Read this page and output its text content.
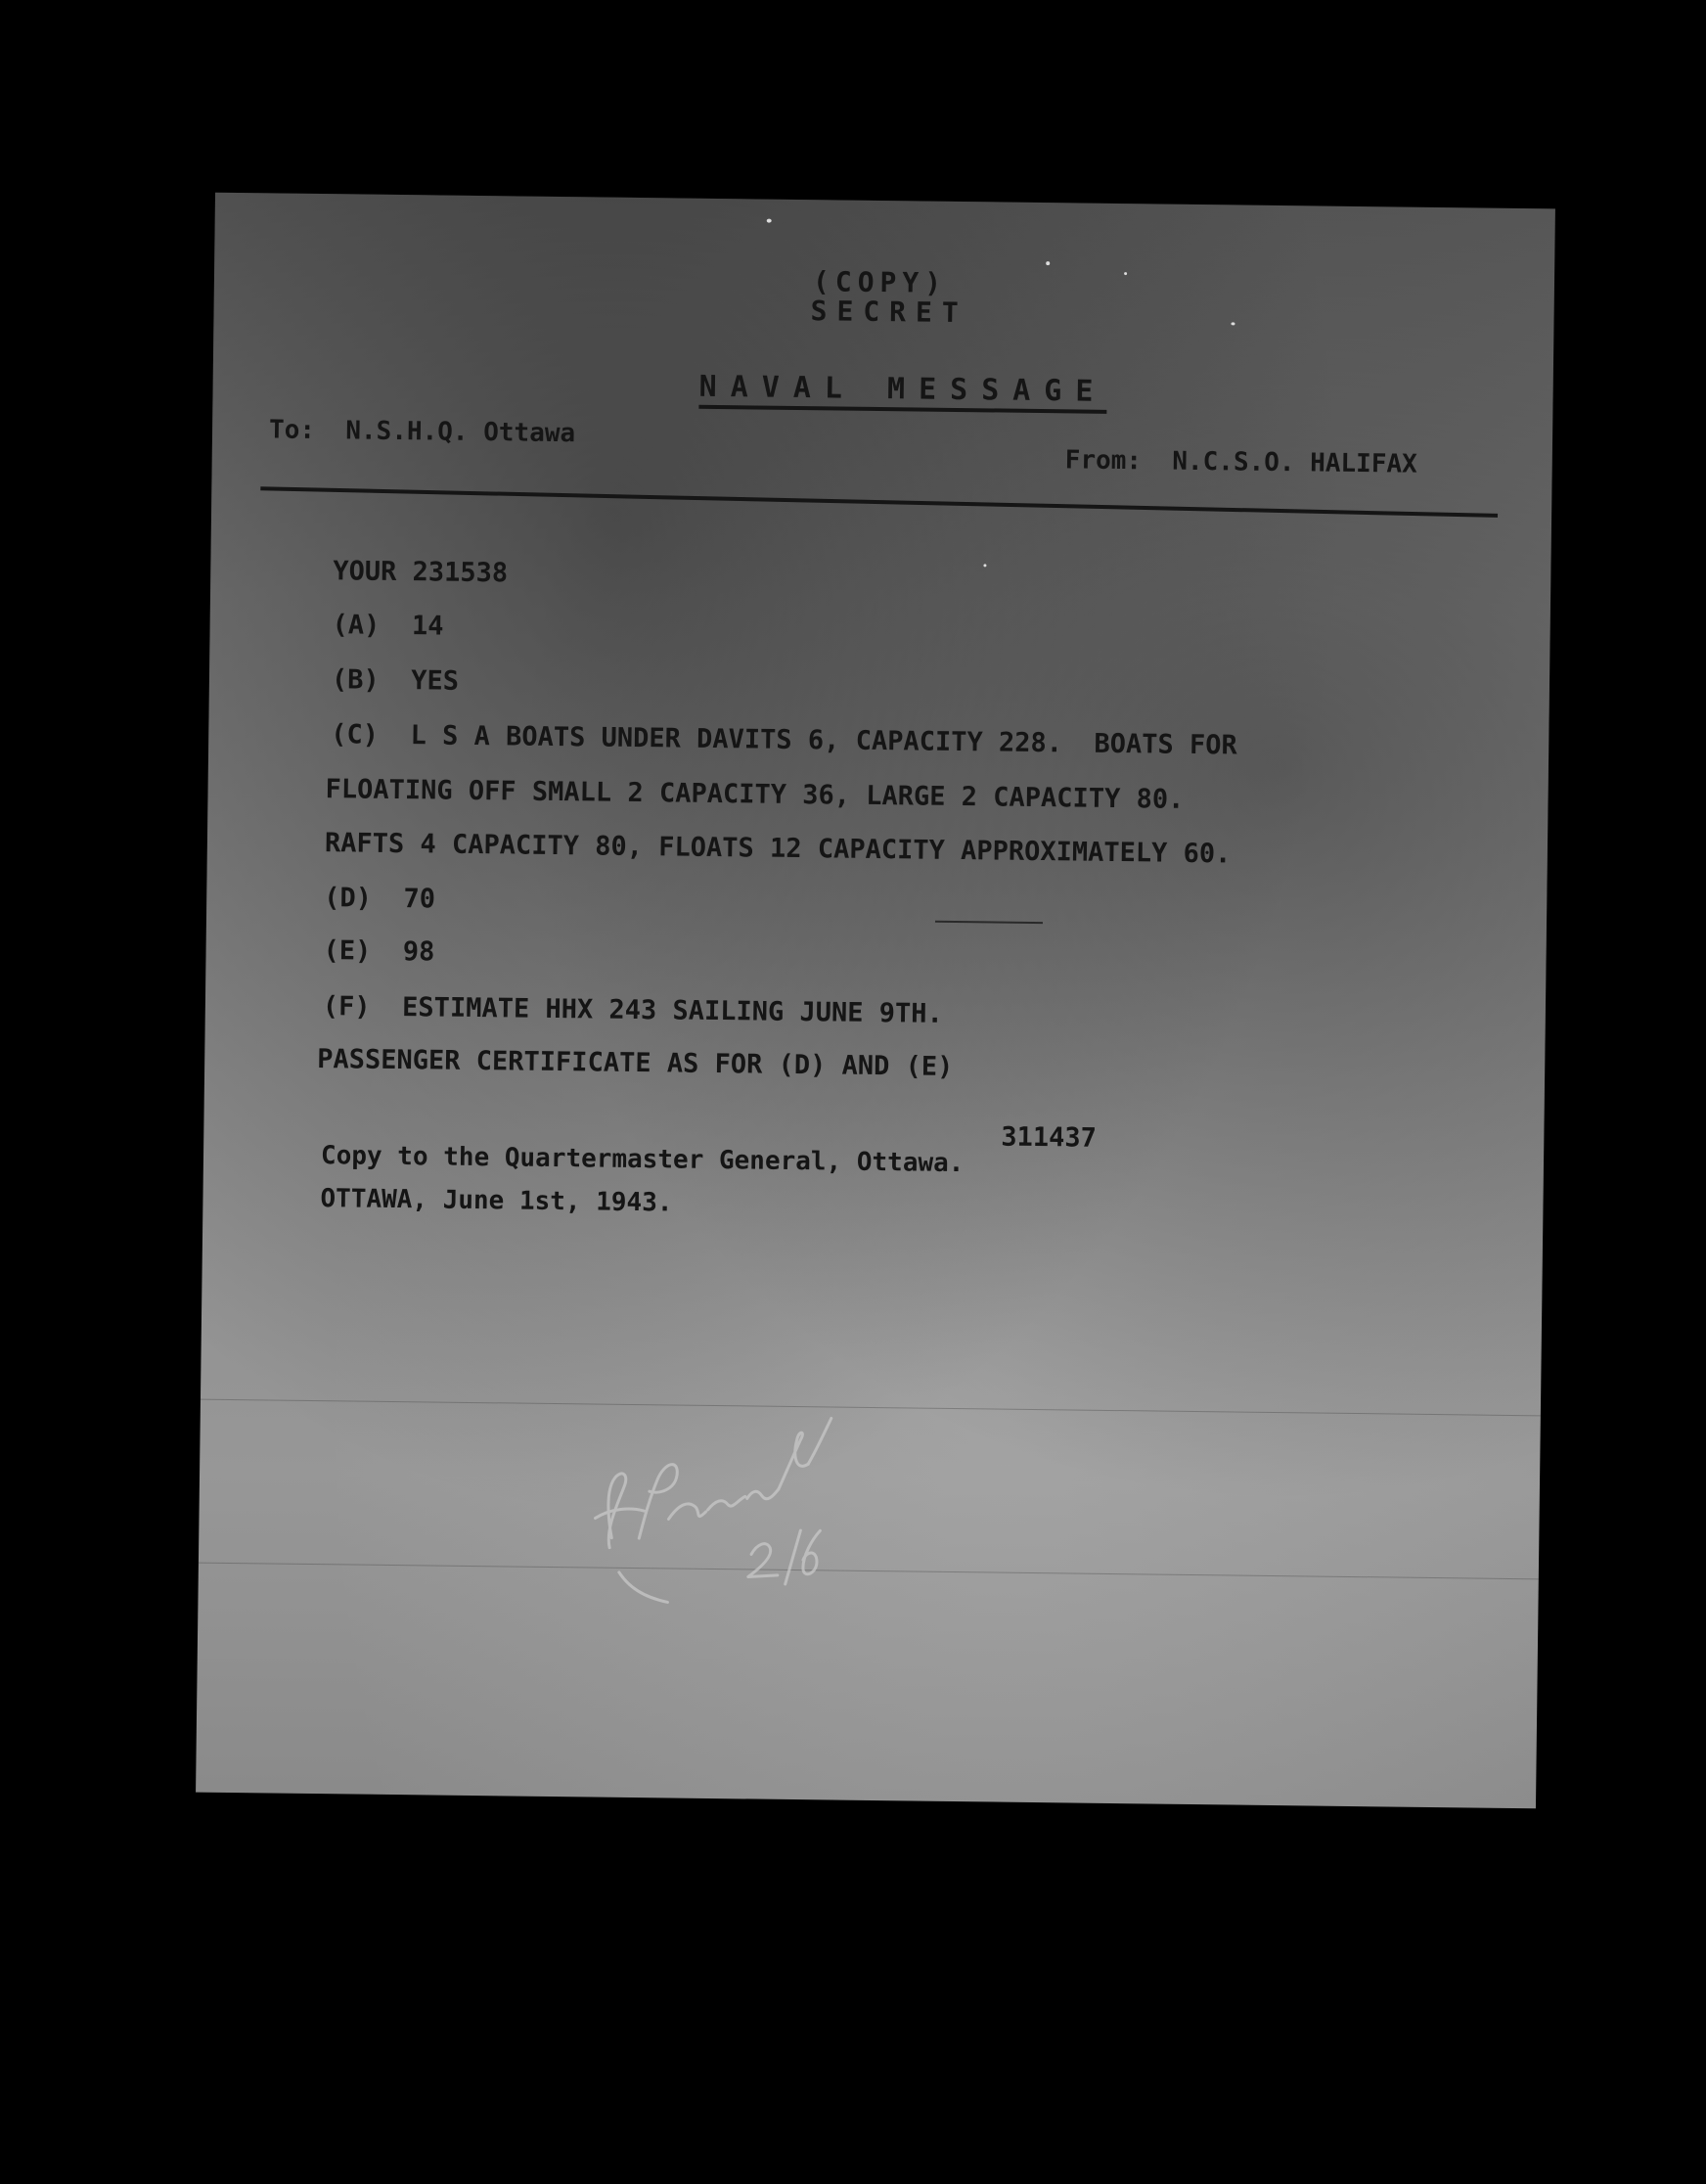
(COPY)
SECRET
NAVAL MESSAGE
To:  N.S.H.Q. Ottawa
From:  N.C.S.O. HALIFAX
YOUR 231538
(A)  14
(B)  YES
(C)  L S A BOATS UNDER DAVITS 6, CAPACITY 228.  BOATS FOR
FLOATING OFF SMALL 2 CAPACITY 36, LARGE 2 CAPACITY 80.
RAFTS 4 CAPACITY 80, FLOATS 12 CAPACITY APPROXIMATELY 60.
(D)  70
(E)  98
(F)  ESTIMATE HHX 243 SAILING JUNE 9TH.
PASSENGER CERTIFICATE AS FOR (D) AND (E)
311437
Copy to the Quartermaster General, Ottawa.
OTTAWA, June 1st, 1943.
